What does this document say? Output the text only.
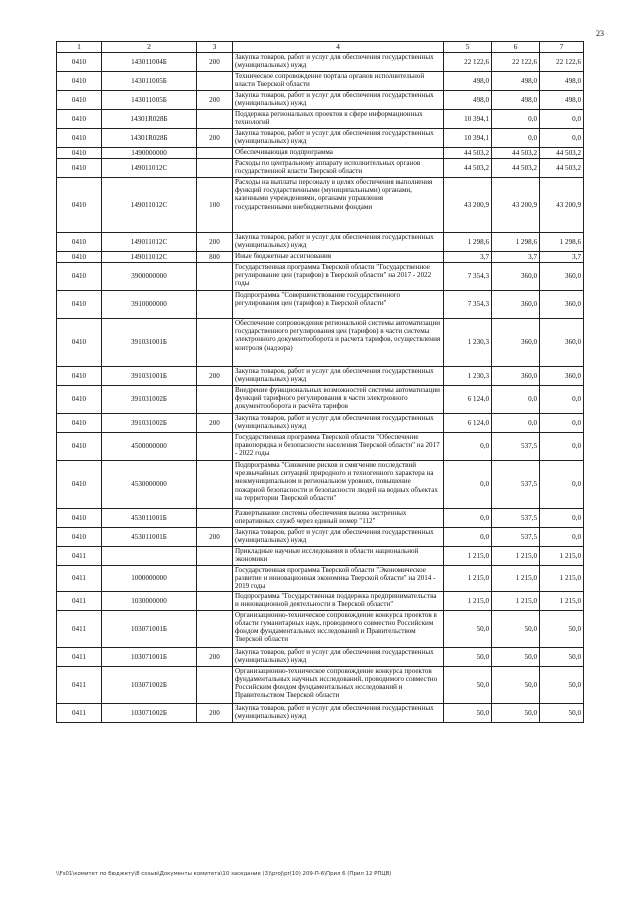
23
1	2	3	4	5	6	7
0410	143011004Б	200	Закупка товаров, работ и услуг для обеспечения государственных (муниципальных) нужд	22 122,6	22 122,6	22 122,6
0410	143011005Б		Техническое сопровождение портала органов исполнительной власти Тверской области	498,0	498,0	498,0
0410	143011005Б	200	Закупка товаров, работ и услуг для обеспечения государственных (муниципальных) нужд	498,0	498,0	498,0
0410	14301R028Б		Поддержка региональных проектов в сфере информационных технологий	10 394,1	0,0	0,0
0410	14301R028Б	200	Закупка товаров, работ и услуг для обеспечения государственных (муниципальных) нужд	10 394,1	0,0	0,0
0410	1490000000		Обеспечивающая подпрограмма	44 503,2	44 503,2	44 503,2
0410	149011012С		Расходы по центральному аппарату исполнительных органов государственной власти Тверской области	44 503,2	44 503,2	44 503,2
0410	149011012С	100	Расходы на выплаты персоналу в целях обеспечения выполнения функций государственными (муниципальными) органами, казенными учреждениями, органами управления государственными внебюджетными фондами	43 200,9	43 200,9	43 200,9
0410	149011012С	200	Закупка товаров, работ и услуг для обеспечения государственных (муниципальных) нужд	1 298,6	1 298,6	1 298,6
0410	149011012С	800	Иные бюджетные ассигнования	3,7	3,7	3,7
0410	3900000000		Государственная программа Тверской области "Государственное регулирование цен (тарифов) в Тверской области" на 2017 - 2022 годы	7 354,3	360,0	360,0
0410	3910000000		Подпрограмма "Совершенствование государственного регулирования цен (тарифов) в Тверской области"	7 354,3	360,0	360,0
0410	391031001Б		Обеспечение сопровождения региональной системы автоматизации государственного регулирования цен (тарифов) в части системы электронного документооборота и расчета тарифов, осуществления контроля (надзора)	1 230,3	360,0	360,0
0410	391031001Б	200	Закупка товаров, работ и услуг для обеспечения государственных (муниципальных) нужд	1 230,3	360,0	360,0
0410	391031002Б		Внедрение функциональных возможностей системы автоматизации функций тарифного регулирования в части электронного документооборота и расчёта тарифов	6 124,0	0,0	0,0
0410	391031002Б	200	Закупка товаров, работ и услуг для обеспечения государственных (муниципальных) нужд	6 124,0	0,0	0,0
0410	4500000000		Государственная программа Тверской области "Обеспечение правопорядка и безопасности населения Тверской области" на 2017 - 2022 годы	0,0	537,5	0,0
0410	4530000000		Подпрограмма "Снижение рисков и смягчение последствий чрезвычайных ситуаций природного и техногенного характера на межмуниципальном и региональном уровнях, повышение пожарной безопасности и безопасности людей на водных объектах на территории Тверской области"	0,0	537,5	0,0
0410	453011001Б		Развертывание системы обеспечения вызова экстренных оперативных служб через единый номер "112"	0,0	537,5	0,0
0410	453011001Б	200	Закупка товаров, работ и услуг для обеспечения государственных (муниципальных) нужд	0,0	537,5	0,0
0411			Прикладные научные исследования в области национальной экономики	1 215,0	1 215,0	1 215,0
0411	1000000000		Государственная программа Тверской области "Экономическое развитие и инновационная экономика Тверской области" на 2014 - 2019 годы	1 215,0	1 215,0	1 215,0
0411	1030000000		Подпрограмма "Государственная поддержка предпринимательства и инновационной деятельности в Тверской области"	1 215,0	1 215,0	1 215,0
0411	103071001Б		Организационно-техническое сопровождение конкурса проектов в области гуманитарных наук, проводимого совместно Российским фондом фундаментальных исследований и Правительством Тверской области	50,0	50,0	50,0
0411	103071001Б	200	Закупка товаров, работ и услуг для обеспечения государственных (муниципальных) нужд	50,0	50,0	50,0
0411	103071002Б		Организационно-техническое сопровождение конкурса проектов фундаментальных научных исследований, проводимого совместно Российским фондом фундаментальных исследований и Правительством Тверской области	50,0	50,0	50,0
0411	103071002Б	200	Закупка товаров, работ и услуг для обеспечения государственных (муниципальных) нужд	50,0	50,0	50,0
\\Fs01\комитет по бюджету\8 созыв\Документы комитета\10 заседание (3)\proj\pr(10) 209-П-6\Прил 6 (Прил 12 РПЦВ)
